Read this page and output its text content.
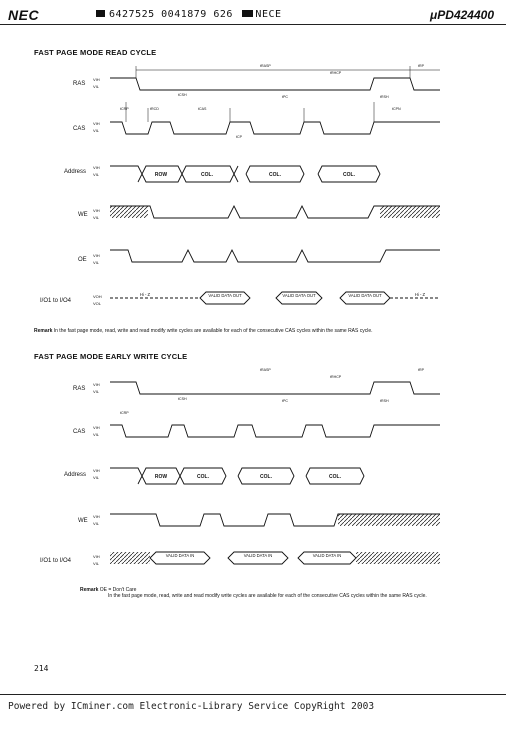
NEC	6427525 0041879 626 NECE	μPD424400
FAST PAGE MODE READ CYCLE
RAS
CAS
Address
WE
OE
I/O1 to I/O4
VIH
VIL
VIH
VIL
VIH
VIL
VIH
VIL
VIH
VIL
VOH
VOL
ROW	COL.	COL.	COL.
VALID DATA OUT	VALID DATA OUT	VALID DATA OUT
Hi - Z	Hi - Z
tRASP	tRP
tRHCP
tRSH
tCSH	tPC
tCRP	tRCD	tCAS
tCP
tCPN
Remark In the fast page mode, read, write and read modify write cycles are available for each of the consecutive CAS cycles within the same RAS cycle.
FAST PAGE MODE EARLY WRITE CYCLE
RAS
CAS
Address
WE
I/O1 to I/O4
VIH
VIL
VIH
VIL
VIH
VIL
VIH
VIL
VIH
VIL
ROW	COL.	COL.	COL.
VALID DATA IN	VALID DATA IN	VALID DATA IN
tRASP	tRP
tRHCP
tRSH
tCSH	tPC
tCRP
Remark OE = Don't Care
In the fast page mode, read, write and read modify write cycles are available for each of the consecutive CAS cycles within the same RAS cycle.
214
Powered by ICminer.com Electronic-Library Service CopyRight 2003
